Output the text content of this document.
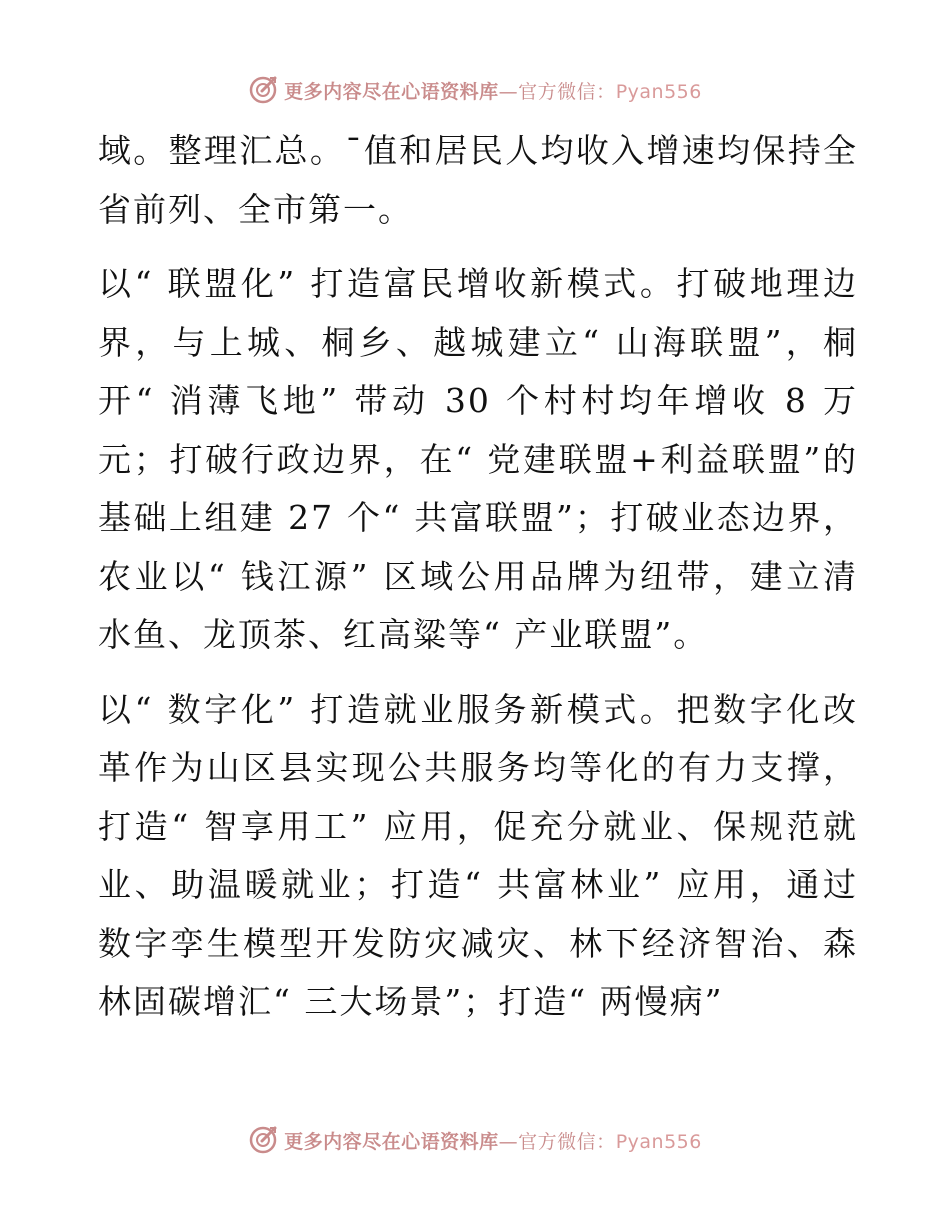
更多内容尽在心语资料库—官方微信：Pyan556

域。整理汇总。¯值和居民人均收入增速均保持全省前列、全市第一。

以“ 联盟化” 打造富民增收新模式。打破地理边界，与上城、桐乡、越城建立“ 山海联盟”，桐开“ 消薄飞地” 带动 30 个村村均年增收 8 万元；打破行政边界，在“ 党建联盟+利益联盟”的基础上组建 27 个“ 共富联盟”；打破业态边界，农业以“ 钱江源” 区域公用品牌为纽带，建立清水鱼、龙顶茶、红高粱等“ 产业联盟”。

以“ 数字化” 打造就业服务新模式。把数字化改革作为山区县实现公共服务均等化的有力支撑，打造“ 智享用工” 应用，促充分就业、保规范就业、助温暖就业；打造“ 共富林业” 应用，通过数字孪生模型开发防灾减灾、林下经济智治、森林固碳增汇“ 三大场景”；打造“ 两慢病”

更多内容尽在心语资料库—官方微信：Pyan556
